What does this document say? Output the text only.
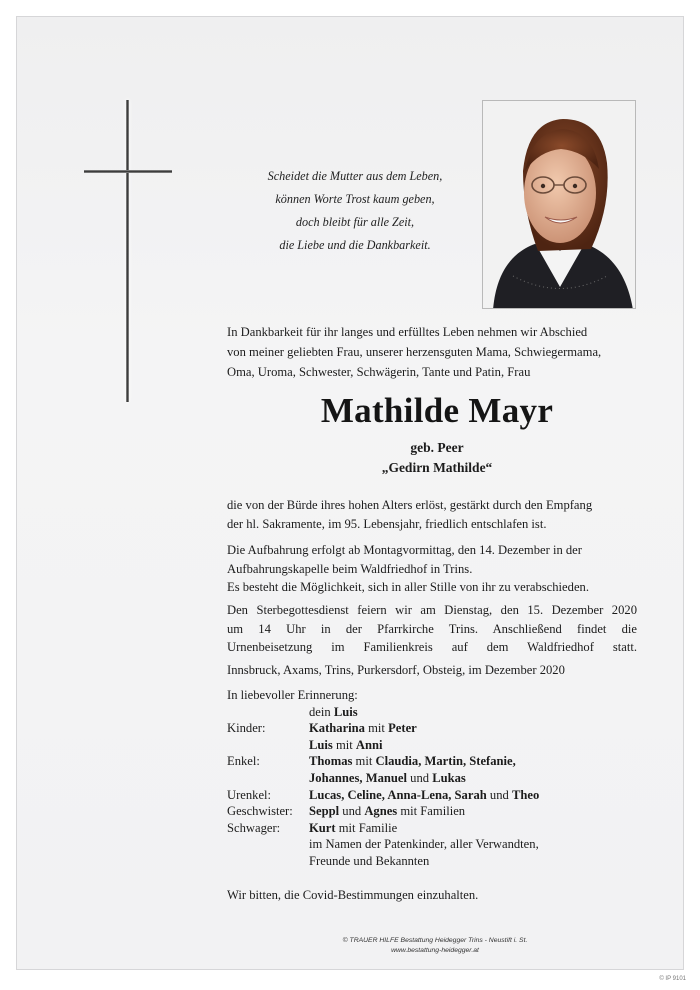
Scheidet die Mutter aus dem Leben,
können Worte Trost kaum geben,
doch bleibt für alle Zeit,
die Liebe und die Dankbarkeit.
In Dankbarkeit für ihr langes und erfülltes Leben nehmen wir Abschied
von meiner geliebten Frau, unserer herzensguten Mama, Schwiegermama,
Oma, Uroma, Schwester, Schwägerin, Tante und Patin, Frau
Mathilde Mayr
geb. Peer
„Gedirn Mathilde“
die von der Bürde ihres hohen Alters erlöst, gestärkt durch den Empfang
der hl. Sakramente, im 95. Lebensjahr, friedlich entschlafen ist.
Die Aufbahrung erfolgt ab Montagvormittag, den 14. Dezember in der
Aufbahrungskapelle beim Waldfriedhof in Trins.
Es besteht die Möglichkeit, sich in aller Stille von ihr zu verabschieden.
Den Sterbegottesdienst feiern wir am Dienstag, den 15. Dezember 2020
um 14 Uhr in der Pfarrkirche Trins. Anschließend findet die
Urnenbeisetzung im Familienkreis auf dem Waldfriedhof statt.
Innsbruck, Axams, Trins, Purkersdorf, Obsteig, im Dezember 2020
In liebevoller Erinnerung:
dein Luis
Kinder:	Katharina mit Peter
Luis mit Anni
Enkel:	Thomas mit Claudia, Martin, Stefanie,
Johannes, Manuel und Lukas
Urenkel:	Lucas, Celine, Anna-Lena, Sarah und Theo
Geschwister: Seppl und Agnes mit Familien
Schwager: Kurt mit Familie
im Namen der Patenkinder, aller Verwandten,
Freunde und Bekannten
Wir bitten, die Covid-Bestimmungen einzuhalten.
© TRAUER HILFE Bestattung Heidegger Trins - Neustift i. St.
www.bestattung-heidegger.at
© IP 9101
